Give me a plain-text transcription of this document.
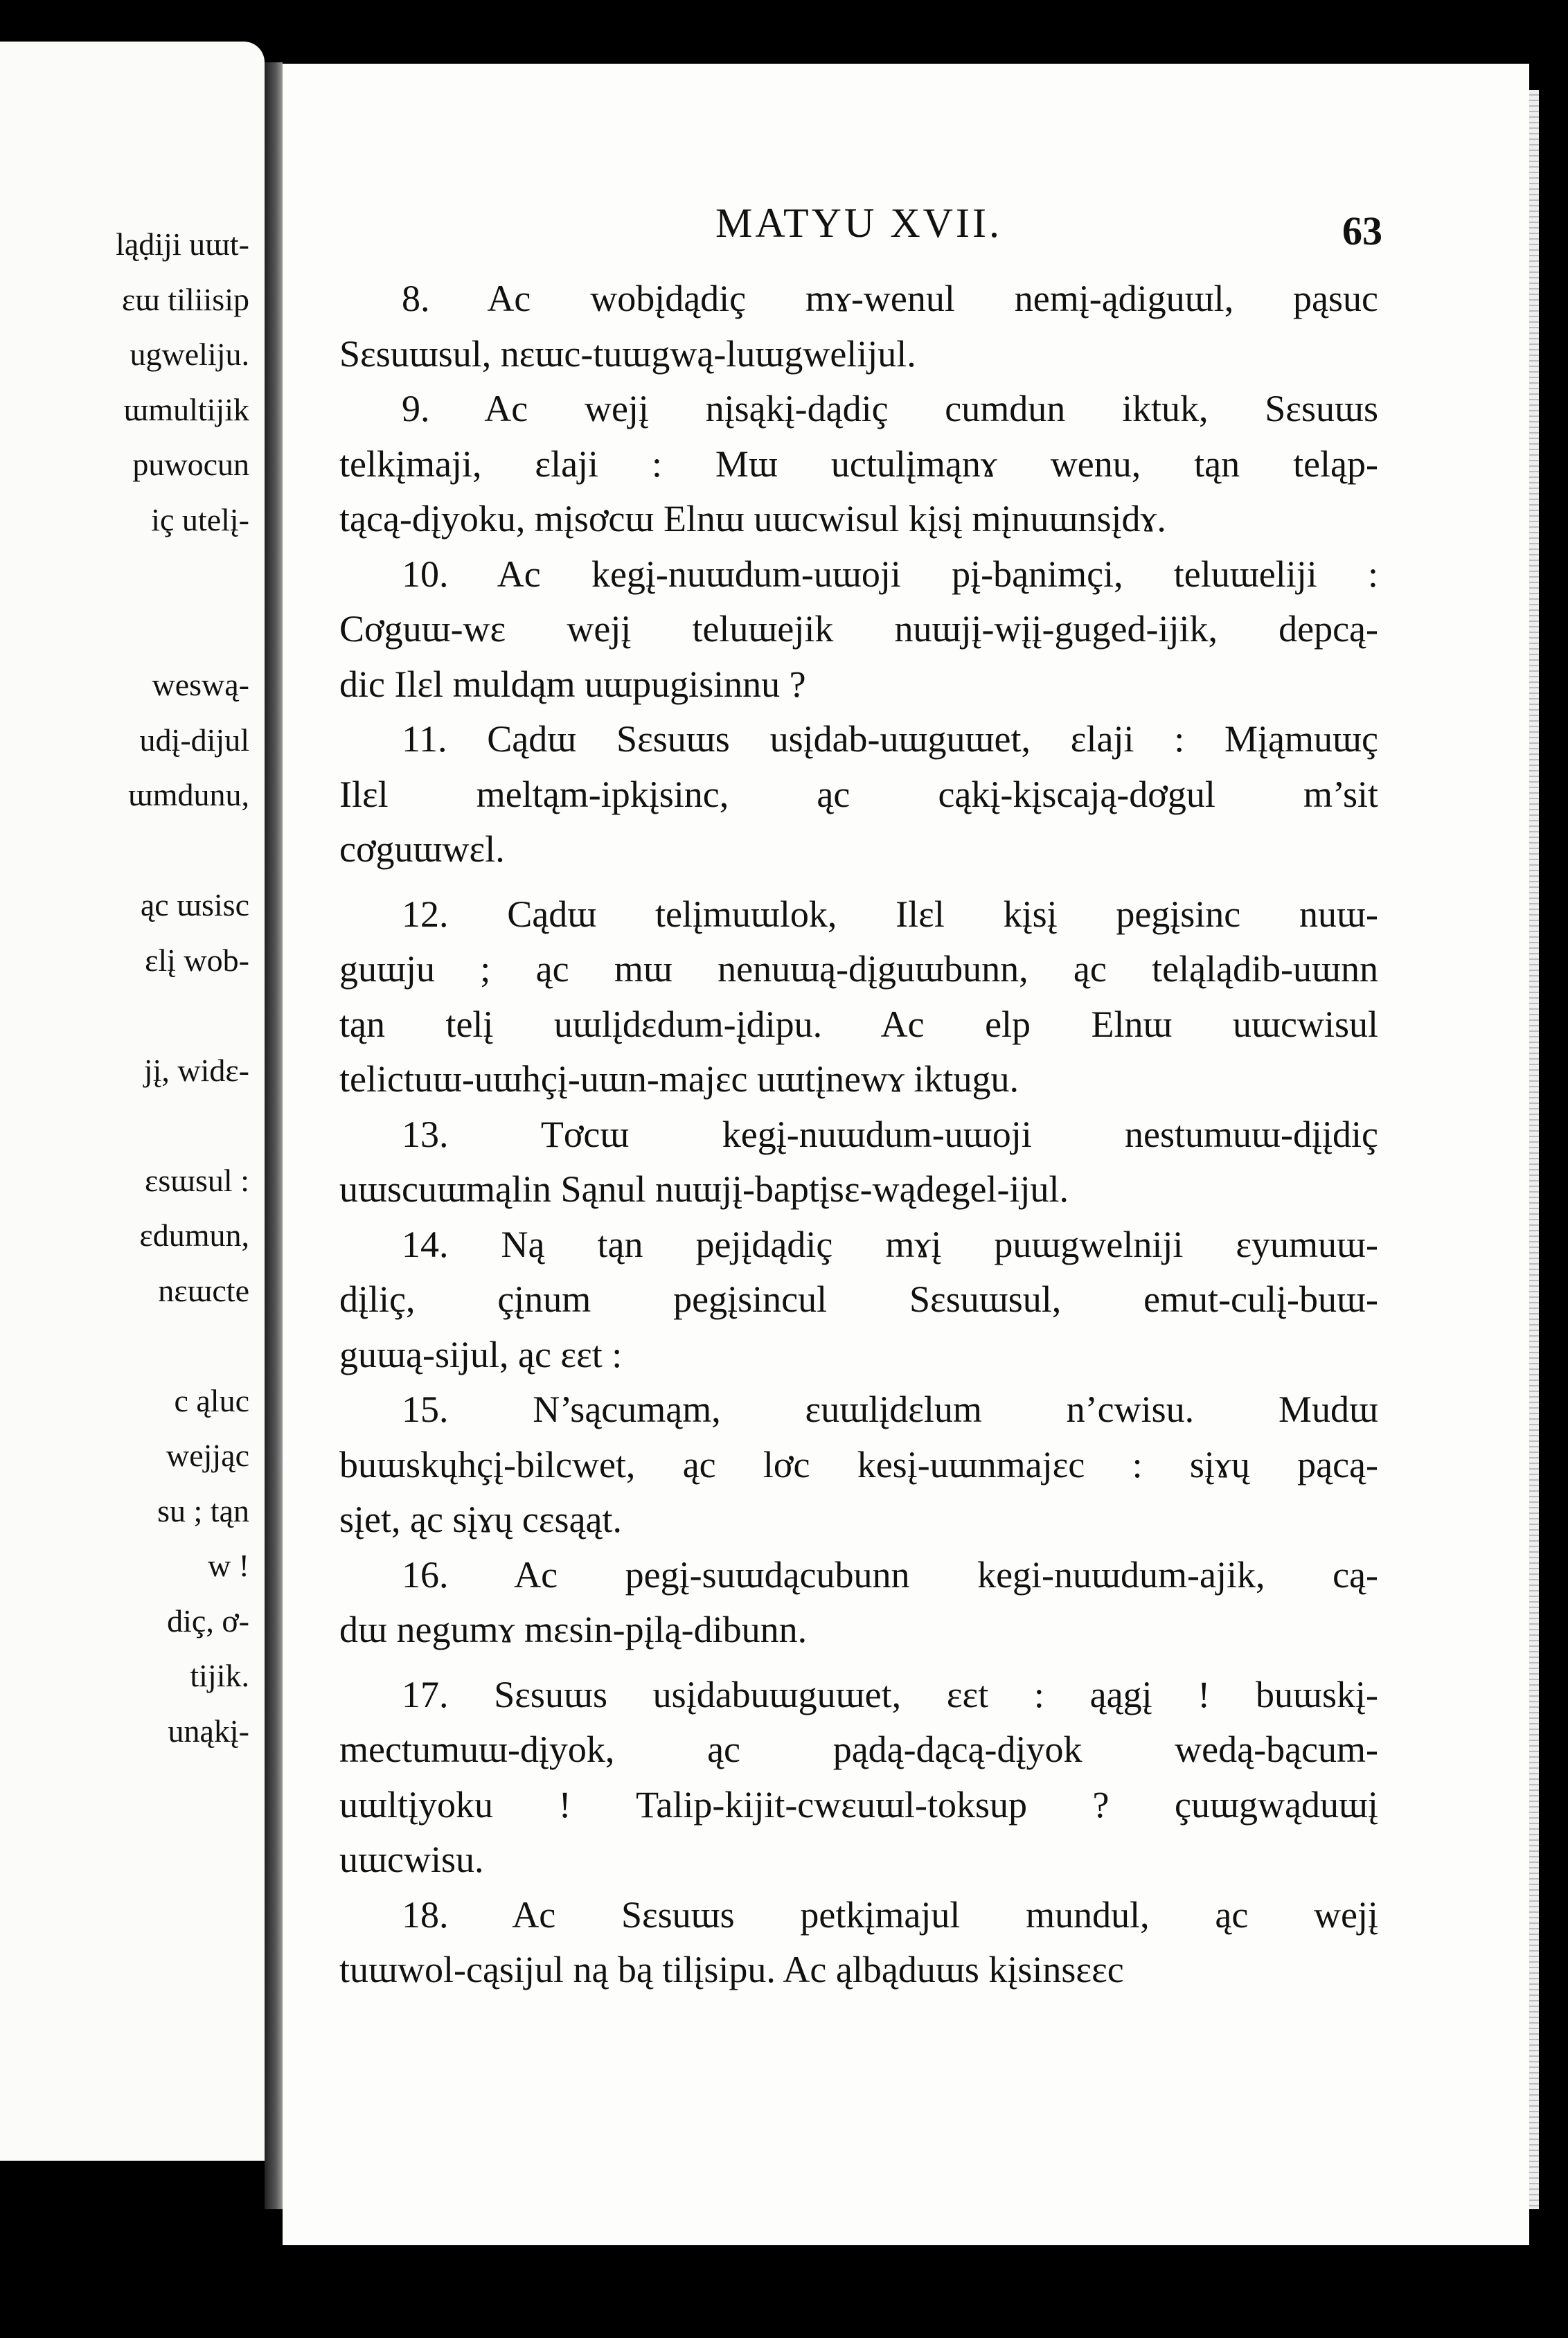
ląḍiji uɯt-
ɛɯ tiliisip
ugweliju.
ɯmultijik
puwocun
iç utelį-
weswą-
udį-dijul
ɯmdunu,
ąc ɯsisc
ɛlį wob-
jį, widɛ-
ɛsɯsul :
ɛdumun,
nɛɯcte
c ąluc
wejjąc
su ; tąn
w !
diç, ơ-
tijik.
unąkį-
MATYU XVII.	63
8. Ac wobįdądiç mɤ-wenul nemį-ądiguɯl, pąsuc
Sɛsuɯsul, nɛɯc-tuɯgwą-luɯgwelijul.
9. Ac wejį nįsąkį-dądiç cumdun iktuk, Sɛsuɯs
telkįmaji, ɛlaji : Mɯ uctulįmąnɤ wenu, tąn teląp-
tącą-dįyoku, mįsơcɯ Elnɯ uɯcwisul kįsį mįnuɯnsįdɤ.
10. Ac kegį-nuɯdum-uɯoji pį-bąnimçi, teluɯeliji :
Cơguɯ-wɛ wejį teluɯejik nuɯjį-wįį-guged-ijik, depcą-
dic Ilɛl muldąm uɯpugisinnu ?
11. Cądɯ Sɛsuɯs usįdab-uɯguɯet, ɛlaji : Mįąmuɯç
Ilɛl meltąm-ipkįsinc, ąc cąkį-kįscają-dơgul m’sit
cơguɯwɛl.
12. Cądɯ telįmuɯlok, Ilɛl kįsį pegįsinc nuɯ-
guɯju ; ąc mɯ nenuɯą-dįguɯbunn, ąc teląlądib-uɯnn
tąn telį uɯlįdɛdum-įdipu. Ac elp Elnɯ uɯcwisul
telictuɯ-uɯhçį-uɯn-majɛc uɯtįnewɤ iktugu.
13. Tơcɯ kegį-nuɯdum-uɯoji nestumuɯ-dįįdiç
uɯscuɯmąlin Sąnul nuɯjį-baptįsɛ-wądegel-ijul.
14. Ną tąn pejįdądiç mɤį puɯgwelniji ɛyumuɯ-
dįliç, çįnum pegįsincul Sɛsuɯsul, emut-culį-buɯ-
guɯą-sijul, ąc ɛɛt :
15. N’sącumąm, ɛuɯlįdɛlum n’cwisu. Mudɯ
buɯskųhçį-bilcwet, ąc lơc kesį-uɯnmajɛc : sįɤų pącą-
sįet, ąc sįɤų cɛsąąt.
16. Ac pegį-suɯdącubunn kegi-nuɯdum-ajik, cą-
dɯ negumɤ mɛsin-pįlą-dibunn.
17. Sɛsuɯs usįdabuɯguɯet, ɛɛt : ąągį ! buɯskį-
mectumuɯ-dįyok, ąc pądą-dącą-dįyok wedą-bącum-
uɯltįyoku ! Talip-kijit-cwɛuɯl-toksup ? çuɯgwąduɯį
uɯcwisu.
18. Ac Sɛsuɯs petkįmajul mundul, ąc wejį
tuɯwol-cąsijul ną bą tilįsipu. Ac ąlbąduɯs kįsinsɛɛc
